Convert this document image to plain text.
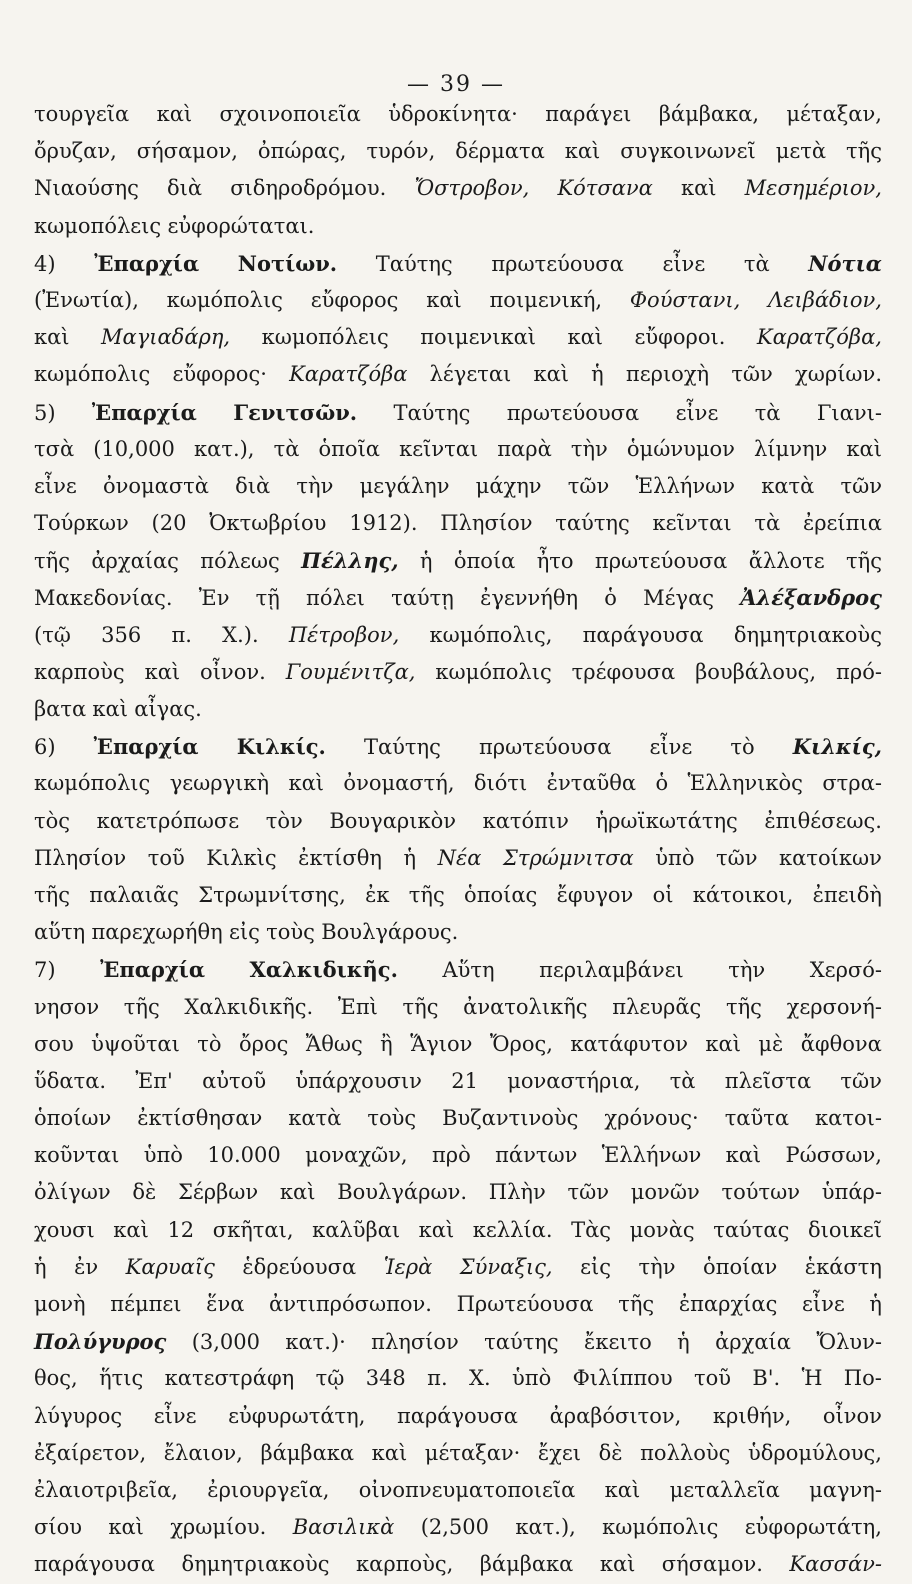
— 39 —
τουργεῖα καὶ σχοινοποιεῖα ὑδροκίνητα· παράγει βάμβακα, μέταξαν,
ὄρυζαν, σήσαμον, ὀπώρας, τυρόν, δέρματα καὶ συγκοινωνεῖ μετὰ τῆς
Νιαούσης διὰ σιδηροδρόμου. Ὄστροβον, Κότσανα καὶ Μεσημέριον,
κωμοπόλεις εὐφορώταται.
4) Ἐπαρχία Νοτίων. Ταύτης πρωτεύουσα εἶνε τὰ Νότια
(Ἐνωτία), κωμόπολις εὔφορος καὶ ποιμενική, Φούστανι, Λειβάδιον,
καὶ Μαγιαδάρη, κωμοπόλεις ποιμενικαὶ καὶ εὔφοροι. Καρατζόβα,
κωμόπολις εὔφορος· Καρατζόβα λέγεται καὶ ἡ περιοχὴ τῶν χωρίων.
5) Ἐπαρχία Γενιτσῶν. Ταύτης πρωτεύουσα εἶνε τὰ Γιανι-
τσὰ (10,000 κατ.), τὰ ὁποῖα κεῖνται παρὰ τὴν ὁμώνυμον λίμνην καὶ
εἶνε ὀνομαστὰ διὰ τὴν μεγάλην μάχην τῶν Ἑλλήνων κατὰ τῶν
Τούρκων (20 Ὀκτωβρίου 1912). Πλησίον ταύτης κεῖνται τὰ ἐρείπια
τῆς ἀρχαίας πόλεως Πέλλης, ἡ ὁποία ἦτο πρωτεύουσα ἄλλοτε τῆς
Μακεδονίας. Ἐν τῇ πόλει ταύτῃ ἐγεννήθη ὁ Μέγας Ἀλέξανδρος
(τῷ 356 π. Χ.). Πέτροβον, κωμόπολις, παράγουσα δημητριακοὺς
καρποὺς καὶ οἶνον. Γουμένιτζα, κωμόπολις τρέφουσα βουβάλους, πρό-
βατα καὶ αἶγας.
6) Ἐπαρχία Κιλκίς. Ταύτης πρωτεύουσα εἶνε τὸ Κιλκίς,
κωμόπολις γεωργικὴ καὶ ὀνομαστή, διότι ἐνταῦθα ὁ Ἑλληνικὸς στρα-
τὸς κατετρόπωσε τὸν Βουγαρικὸν κατόπιν ἡρωϊκωτάτης ἐπιθέσεως.
Πλησίον τοῦ Κιλκὶς ἐκτίσθη ἡ Νέα Στρώμνιτσα ὑπὸ τῶν κατοίκων
τῆς παλαιᾶς Στρωμνίτσης, ἐκ τῆς ὁποίας ἔφυγον οἱ κάτοικοι, ἐπειδὴ
αὕτη παρεχωρήθη εἰς τοὺς Βουλγάρους.
7) Ἐπαρχία Χαλκιδικῆς. Αὕτη περιλαμβάνει τὴν Χερσό-
νησον τῆς Χαλκιδικῆς. Ἐπὶ τῆς ἀνατολικῆς πλευρᾶς τῆς χερσονή-
σου ὑψοῦται τὸ ὄρος Ἄθως ἢ Ἅγιον Ὄρος, κατάφυτον καὶ μὲ ἄφθονα
ὕδατα. Ἐπ' αὐτοῦ ὑπάρχουσιν 21 μοναστήρια, τὰ πλεῖστα τῶν
ὁποίων ἐκτίσθησαν κατὰ τοὺς Βυζαντινοὺς χρόνους· ταῦτα κατοι-
κοῦνται ὑπὸ 10.000 μοναχῶν, πρὸ πάντων Ἑλλήνων καὶ Ρώσσων,
ὀλίγων δὲ Σέρβων καὶ Βουλγάρων. Πλὴν τῶν μονῶν τούτων ὑπάρ-
χουσι καὶ 12 σκῆται, καλῦβαι καὶ κελλία. Τὰς μονὰς ταύτας διοικεῖ
ἡ ἐν Καρυαῖς ἑδρεύουσα Ἱερὰ Σύναξις, εἰς τὴν ὁποίαν ἑκάστη
μονὴ πέμπει ἕνα ἀντιπρόσωπον. Πρωτεύουσα τῆς ἐπαρχίας εἶνε ἡ
Πολύγυρος (3,000 κατ.)· πλησίον ταύτης ἔκειτο ἡ ἀρχαία Ὄλυν-
θος, ἥτις κατεστράφη τῷ 348 π. Χ. ὑπὸ Φιλίππου τοῦ Β'. Ἡ Πο-
λύγυρος εἶνε εὐφυρωτάτη, παράγουσα ἀραβόσιτον, κριθήν, οἶνον
ἐξαίρετον, ἔλαιον, βάμβακα καὶ μέταξαν· ἔχει δὲ πολλοὺς ὑδρομύλους,
ἐλαιοτριβεῖα, ἐριουργεῖα, οἰνοπνευματοποιεῖα καὶ μεταλλεῖα μαγνη-
σίου καὶ χρωμίου. Βασιλικὰ (2,500 κατ.), κωμόπολις εὐφορωτάτη,
παράγουσα δημητριακοὺς καρποὺς, βάμβακα καὶ σήσαμον. Κασσάν-
